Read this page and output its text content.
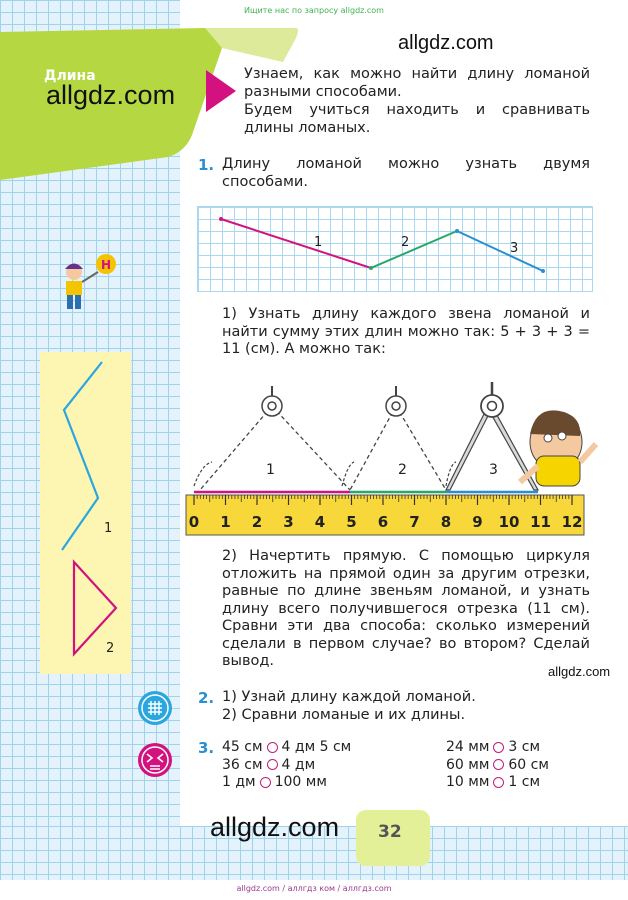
Ищите нас по запросу allgdz.com
Длина
allgdz.com
allgdz.com
allgdz.com
allgdz.com
Узнаем, как можно найти длину ломаной разными способами.
Будем учиться находить и сравнивать длины ломаных.
Н
1
2
1. Длину ломаной можно узнать двумя способами.
1	2	3
1) Узнать длину каждого звена ломаной и найти сумму этих длин можно так: 5 + 3 + 3 = 11 (см). А можно так:
1	2	3
0 1 2 3 4 5 6 7 8 9 10 11 12
2) Начертить прямую. С помощью циркуля отложить на прямой один за другим отрезки, равные по длине звеньям ломаной, и узнать длину всего получившегося отрезка (11 см). Сравни эти два способа: сколько измерений сделали в первом случае? во втором? Сделай вывод.
2. 1) Узнай длину каждой ломаной.
2) Сравни ломаные и их длины.
3. 45 см 4 дм 5 см
36 см 4 дм
1 дм 100 мм
24 мм 3 см
60 мм 60 см
10 мм 1 см
32
allgdz.com / аллгдз ком / аллгдз.com
